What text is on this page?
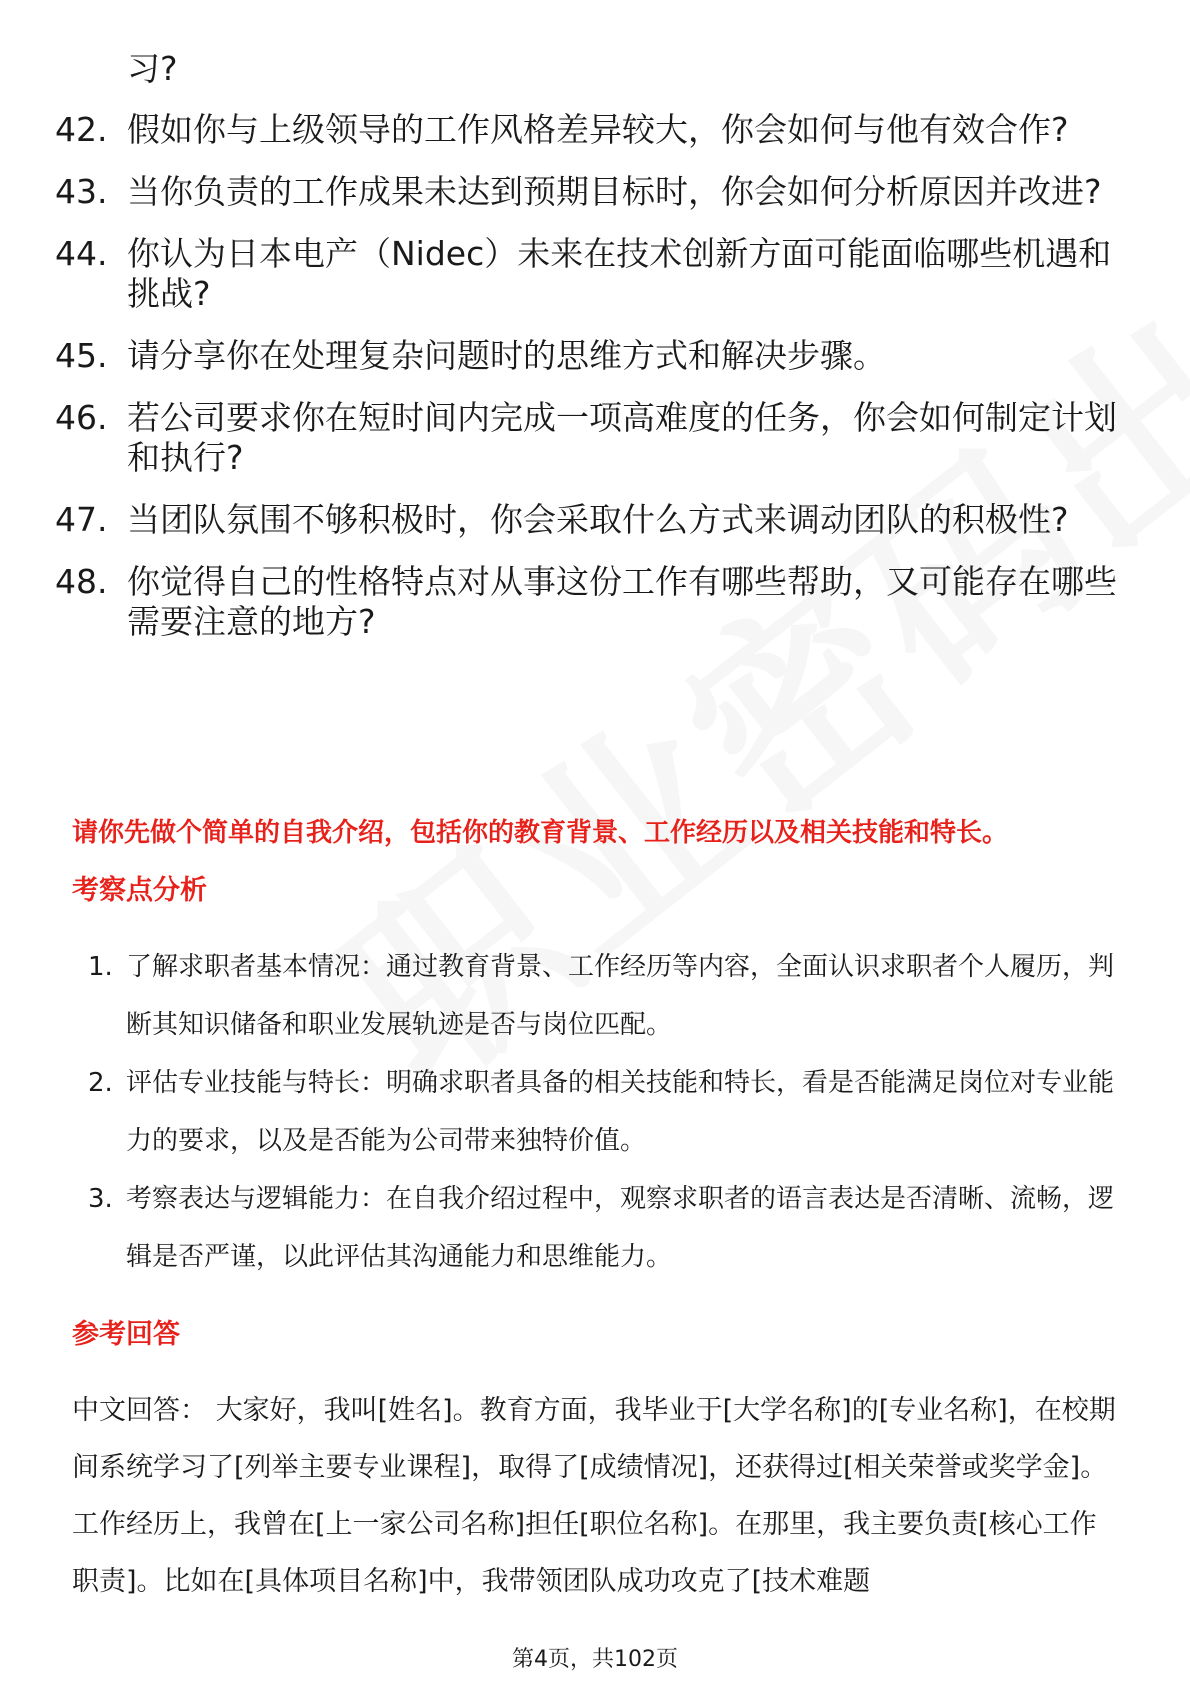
习?
42. 假如你与上级领导的工作风格差异较大，你会如何与他有效合作?
43. 当你负责的工作成果未达到预期目标时，你会如何分析原因并改进?
44. 你认为日本电产（Nidec）未来在技术创新方面可能面临哪些机遇和挑战?
45. 请分享你在处理复杂问题时的思维方式和解决步骤。
46. 若公司要求你在短时间内完成一项高难度的任务，你会如何制定计划和执行?
47. 当团队氛围不够积极时，你会采取什么方式来调动团队的积极性?
48. 你觉得自己的性格特点对从事这份工作有哪些帮助，又可能存在哪些需要注意的地方?
请你先做个简单的自我介绍，包括你的教育背景、工作经历以及相关技能和特长。
考察点分析
1. 了解求职者基本情况：通过教育背景、工作经历等内容，全面认识求职者个人履历，判断其知识储备和职业发展轨迹是否与岗位匹配。
2. 评估专业技能与特长：明确求职者具备的相关技能和特长，看是否能满足岗位对专业能力的要求，以及是否能为公司带来独特价值。
3. 考察表达与逻辑能力：在自我介绍过程中，观察求职者的语言表达是否清晰、流畅，逻辑是否严谨，以此评估其沟通能力和思维能力。
参考回答
中文回答： 大家好，我叫[姓名]。教育方面，我毕业于[大学名称]的[专业名称]，在校期间系统学习了[列举主要专业课程]，取得了[成绩情况]，还获得过[相关荣誉或奖学金]。 工作经历上，我曾在[上一家公司名称]担任[职位名称]。在那里，我主要负责[核心工作职责]。比如在[具体项目名称]中，我带领团队成功攻克了[技术难题
第4页，共102页
